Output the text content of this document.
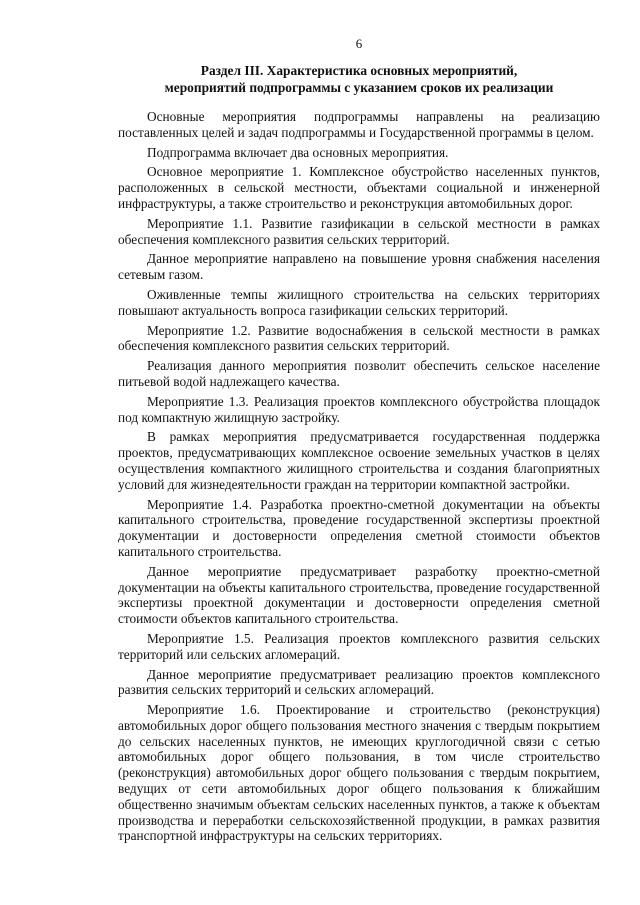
6
Раздел III. Характеристика основных мероприятий,
мероприятий подпрограммы с указанием сроков их реализации

Основные мероприятия подпрограммы направлены на реализацию поставленных целей и задач подпрограммы и Государственной программы в целом.

Подпрограмма включает два основных мероприятия.

Основное мероприятие 1. Комплексное обустройство населенных пунктов, расположенных в сельской местности, объектами социальной и инженерной инфраструктуры, а также строительство и реконструкция автомобильных дорог.

Мероприятие 1.1. Развитие газификации в сельской местности в рамках обеспечения комплексного развития сельских территорий.

Данное мероприятие направлено на повышение уровня снабжения населения сетевым газом.

Оживленные темпы жилищного строительства на сельских территориях повышают актуальность вопроса газификации сельских территорий.

Мероприятие 1.2. Развитие водоснабжения в сельской местности в рамках обеспечения комплексного развития сельских территорий.

Реализация данного мероприятия позволит обеспечить сельское население питьевой водой надлежащего качества.

Мероприятие 1.3. Реализация проектов комплексного обустройства площадок под компактную жилищную застройку.

В рамках мероприятия предусматривается государственная поддержка проектов, предусматривающих комплексное освоение земельных участков в целях осуществления компактного жилищного строительства и создания благоприятных условий для жизнедеятельности граждан на территории компактной застройки.

Мероприятие 1.4. Разработка проектно-сметной документации на объекты капитального строительства, проведение государственной экспертизы проектной документации и достоверности определения сметной стоимости объектов капитального строительства.

Данное мероприятие предусматривает разработку проектно-сметной документации на объекты капитального строительства, проведение государственной экспертизы проектной документации и достоверности определения сметной стоимости объектов капитального строительства.

Мероприятие 1.5. Реализация проектов комплексного развития сельских территорий или сельских агломераций.

Данное мероприятие предусматривает реализацию проектов комплексного развития сельских территорий и сельских агломераций.

Мероприятие 1.6. Проектирование и строительство (реконструкция) автомобильных дорог общего пользования местного значения с твердым покрытием до сельских населенных пунктов, не имеющих круглогодичной связи с сетью автомобильных дорог общего пользования, в том числе строительство (реконструкция) автомобильных дорог общего пользования с твердым покрытием, ведущих от сети автомобильных дорог общего пользования к ближайшим общественно значимым объектам сельских населенных пунктов, а также к объектам производства и переработки сельскохозяйственной продукции, в рамках развития транспортной инфраструктуры на сельских территориях.
